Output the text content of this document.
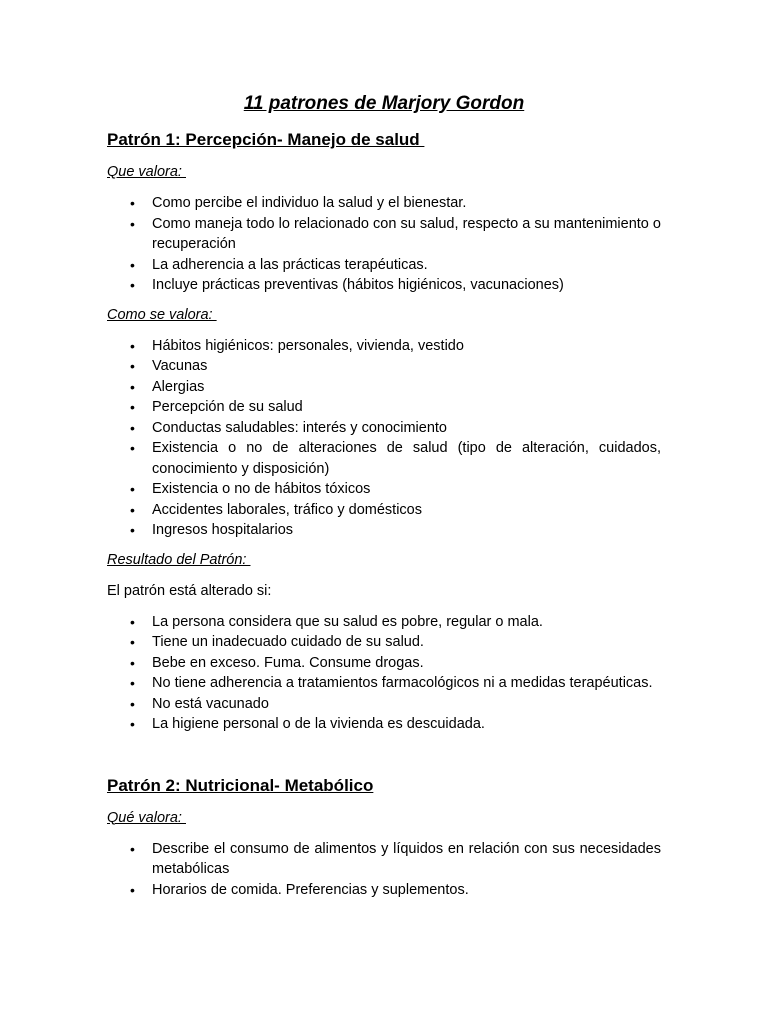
11 patrones de Marjory Gordon
Patrón 1: Percepción- Manejo de salud

Que valora:

• Como percibe el individuo la salud y el bienestar.
• Como maneja todo lo relacionado con su salud, respecto a su mantenimiento o recuperación
• La adherencia a las prácticas terapéuticas.
• Incluye prácticas preventivas (hábitos higiénicos, vacunaciones)

Como se valora:

• Hábitos higiénicos: personales, vivienda, vestido
• Vacunas
• Alergias
• Percepción de su salud
• Conductas saludables: interés y conocimiento
• Existencia o no de alteraciones de salud (tipo de alteración, cuidados, conocimiento y disposición)
• Existencia o no de hábitos tóxicos
• Accidentes laborales, tráfico y domésticos
• Ingresos hospitalarios

Resultado del Patrón:

El patrón está alterado si:

• La persona considera que su salud es pobre, regular o mala.
• Tiene un inadecuado cuidado de su salud.
• Bebe en exceso. Fuma. Consume drogas.
• No tiene adherencia a tratamientos farmacológicos ni a medidas terapéuticas.
• No está vacunado
• La higiene personal o de la vivienda es descuidada.
Patrón 2: Nutricional- Metabólico

Qué valora:

• Describe el consumo de alimentos y líquidos en relación con sus necesidades metabólicas
• Horarios de comida. Preferencias y suplementos.
